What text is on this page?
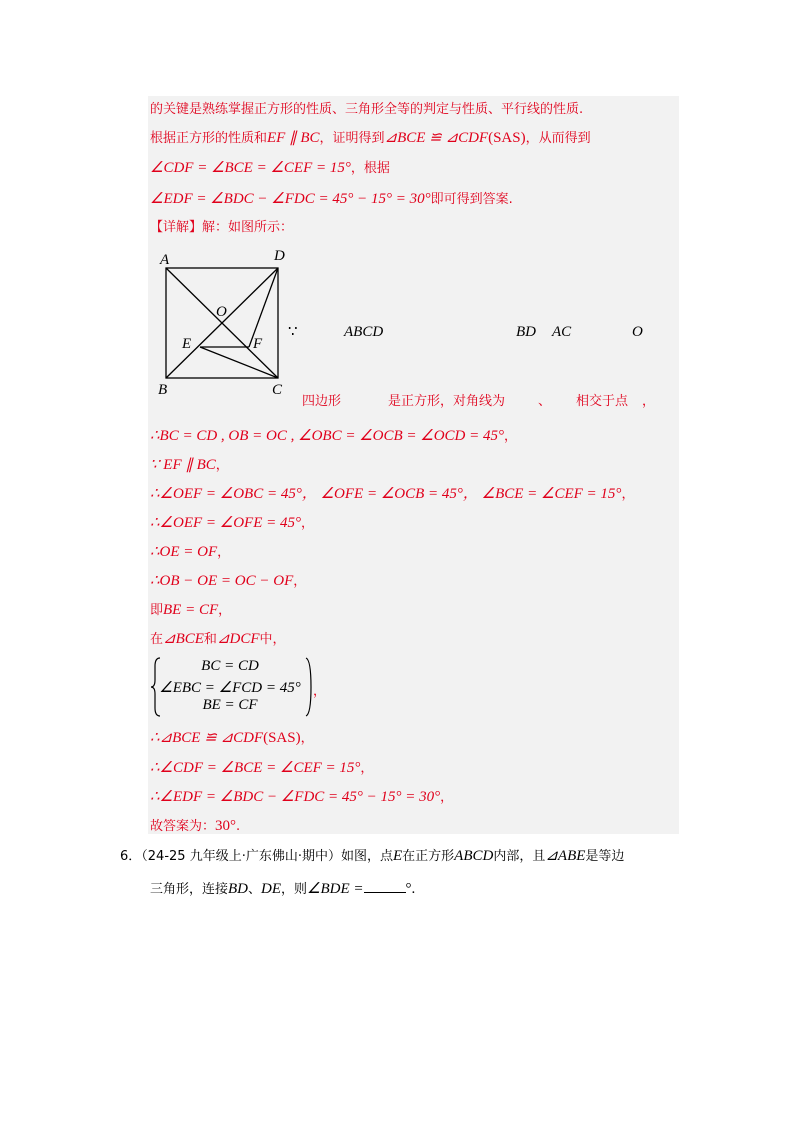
的关键是熟练掌握正方形的性质、三角形全等的判定与性质、平行线的性质.
根据正方形的性质和EF ∥ BC，证明得到⊿BCE ≌ ⊿CDF(SAS)，从而得到
∠CDF = ∠BCE = ∠CEF = 15°，根据
∠EDF = ∠BDC − ∠FDC = 45° − 15° = 30°即可得到答案.
【详解】解：如图所示：
A	D
O
E	F
B	C
∵	ABCD	BD AC	O
四边形	是正方形，对角线为	、 相交于点 ，
∴BC = CD , OB = OC , ∠OBC = ∠OCB = ∠OCD = 45°，
∵ EF ∥ BC，
∴∠OEF = ∠OBC = 45°， ∠OFE = ∠OCB = 45°， ∠BCE = ∠CEF = 15°，
∴∠OEF = ∠OFE = 45°，
∴OE = OF，
∴OB − OE = OC − OF，
即BE = CF，
在⊿BCE和⊿DCF中，
BC = CD
∠EBC = ∠FCD = 45°
BE = CF
，
∴⊿BCE ≌ ⊿CDF(SAS)，
∴∠CDF = ∠BCE = ∠CEF = 15°，
∴∠EDF = ∠BDC − ∠FDC = 45° − 15° = 30°，
故答案为：30°.
6．（24-25 九年级上·广东佛山·期中）如图，点E在正方形ABCD内部，且⊿ABE是等边
三角形，连接BD、DE，则∠BDE =	°.
